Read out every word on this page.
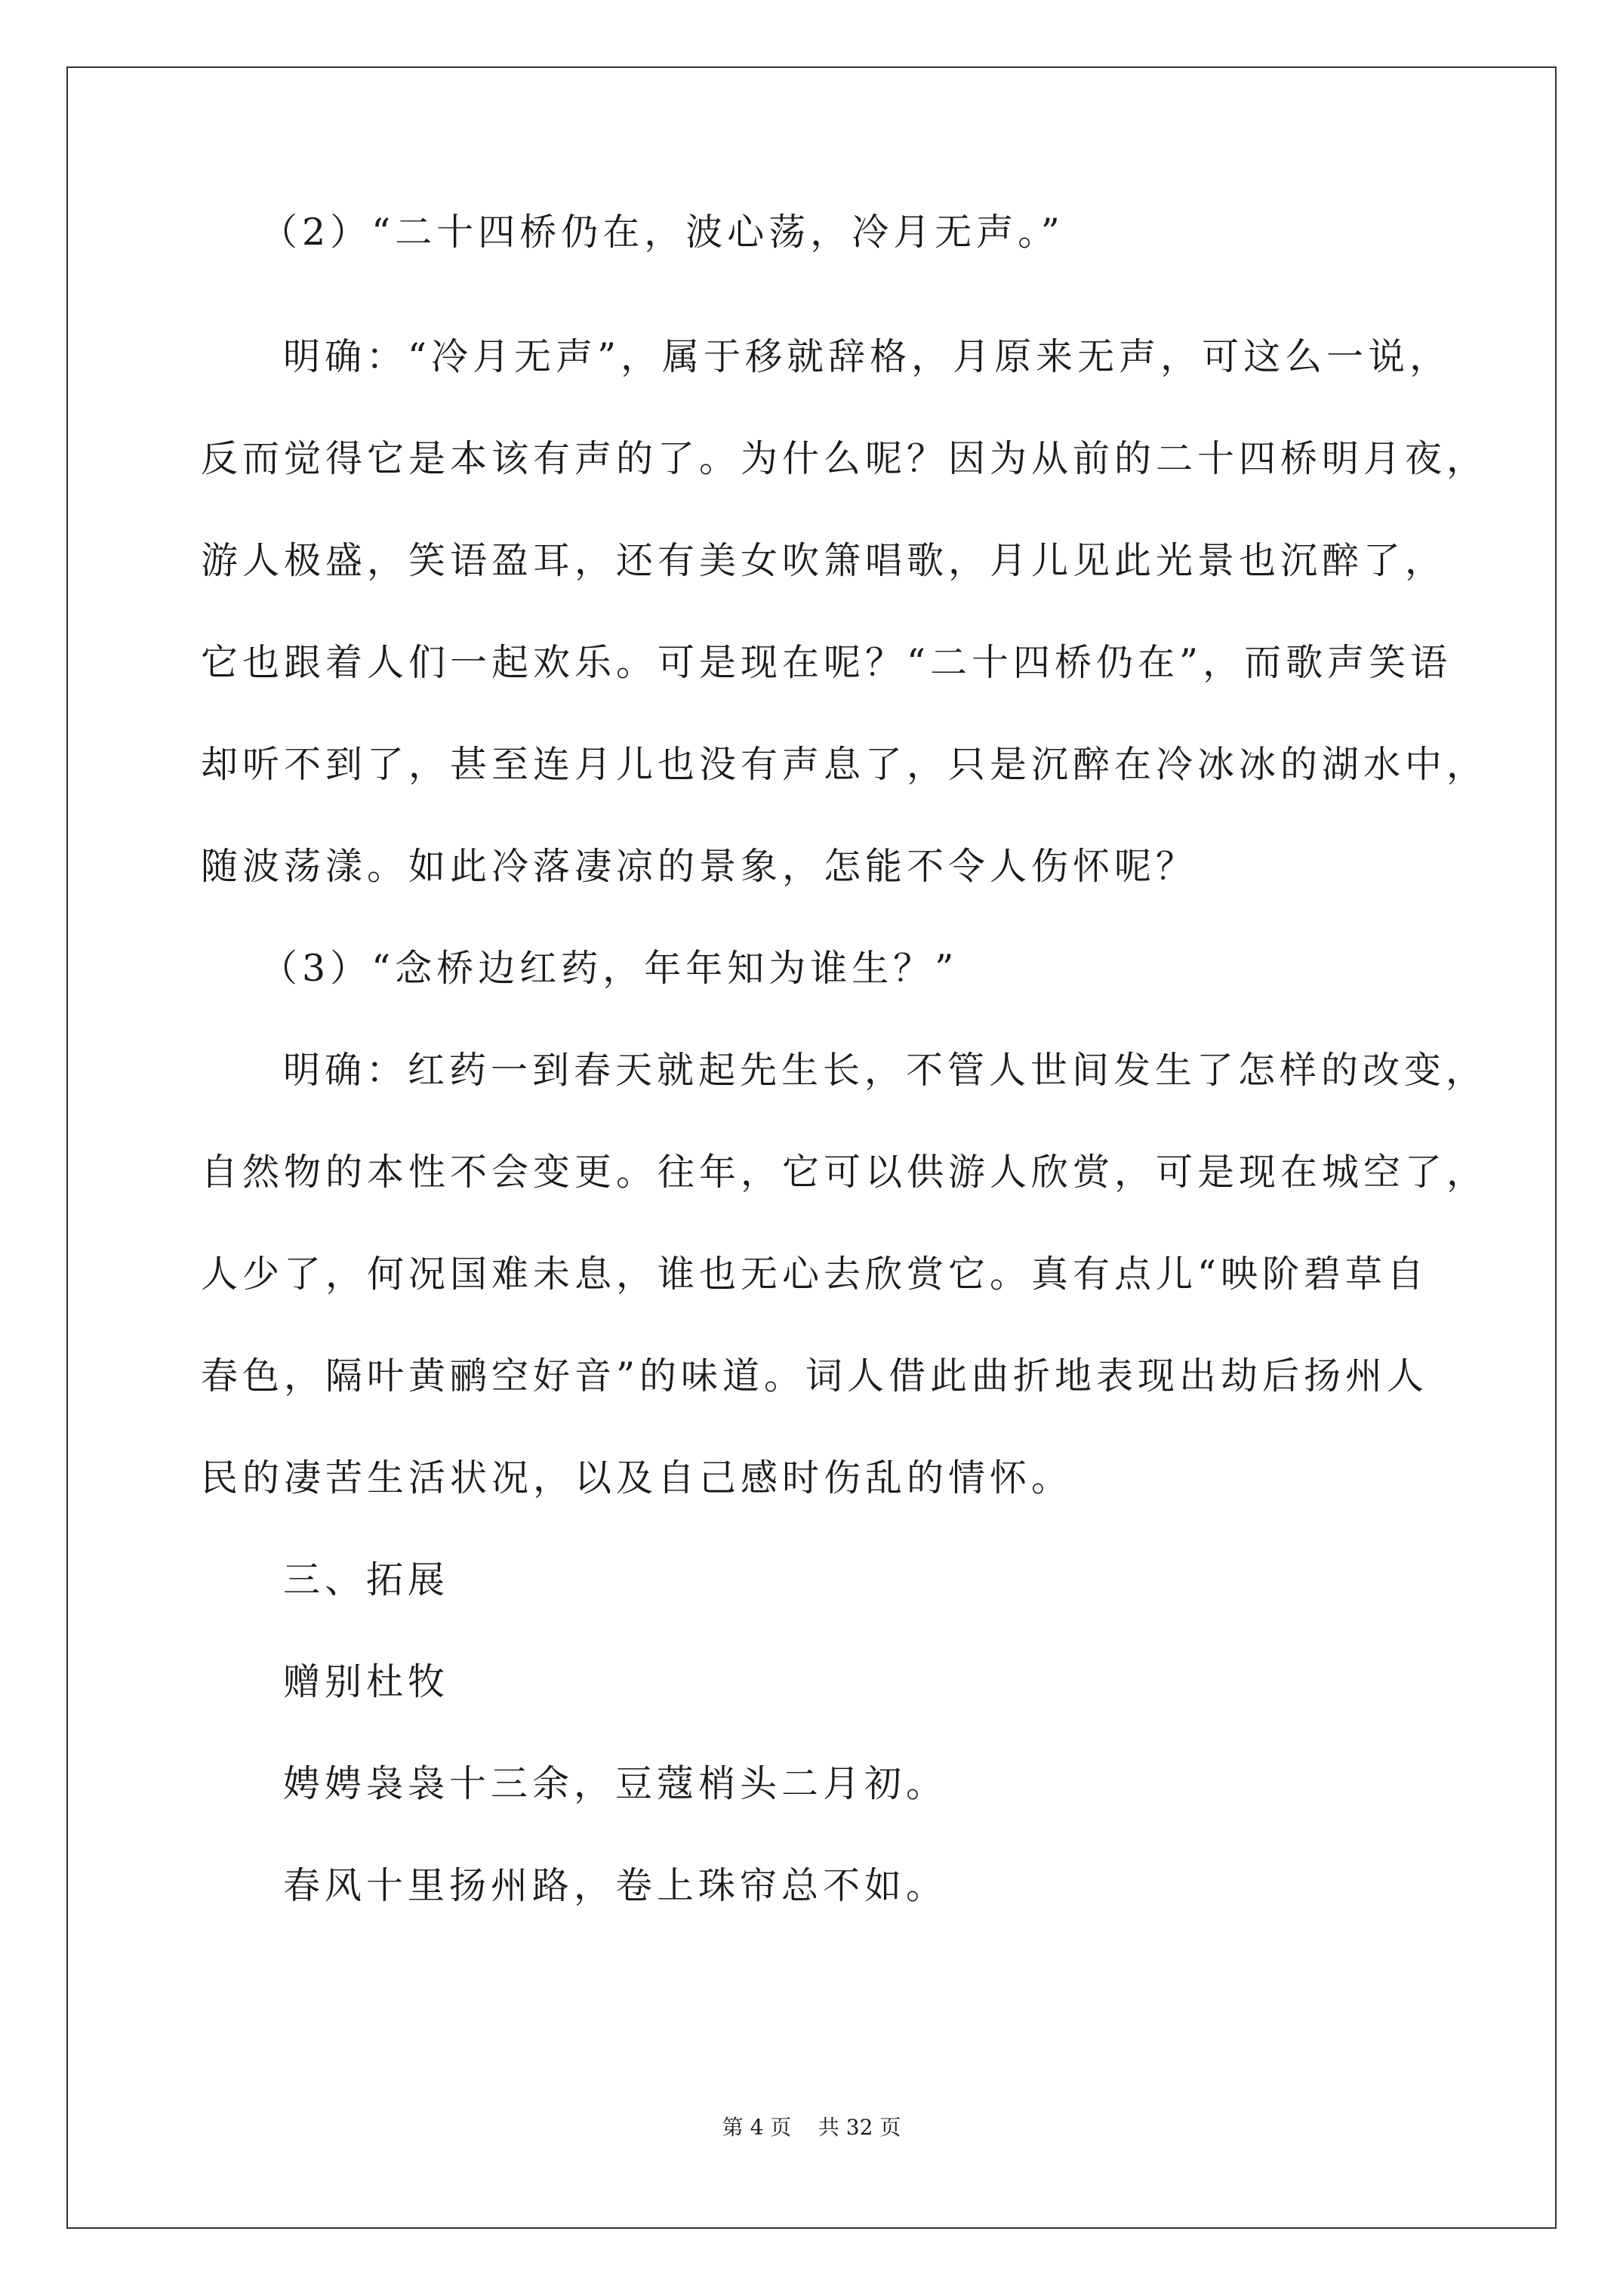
（2）“二十四桥仍在，波心荡，冷月无声。”
明确：“冷月无声”，属于移就辞格，月原来无声，可这么一说，
反而觉得它是本该有声的了。为什么呢？因为从前的二十四桥明月夜，
游人极盛，笑语盈耳，还有美女吹箫唱歌，月儿见此光景也沉醉了，
它也跟着人们一起欢乐。可是现在呢？“二十四桥仍在”，而歌声笑语
却听不到了，甚至连月儿也没有声息了，只是沉醉在冷冰冰的湖水中，
随波荡漾。如此冷落凄凉的景象，怎能不令人伤怀呢？
（3）“念桥边红药，年年知为谁生？”
明确：红药一到春天就起先生长，不管人世间发生了怎样的改变，
自然物的本性不会变更。往年，它可以供游人欣赏，可是现在城空了，
人少了，何况国难未息，谁也无心去欣赏它。真有点儿“映阶碧草自
春色，隔叶黄鹂空好音”的味道。词人借此曲折地表现出劫后扬州人
民的凄苦生活状况，以及自己感时伤乱的情怀。
三、拓展
赠别杜牧
娉娉袅袅十三余，豆蔻梢头二月初。
春风十里扬州路，卷上珠帘总不如。
第 4 页    共 32 页
